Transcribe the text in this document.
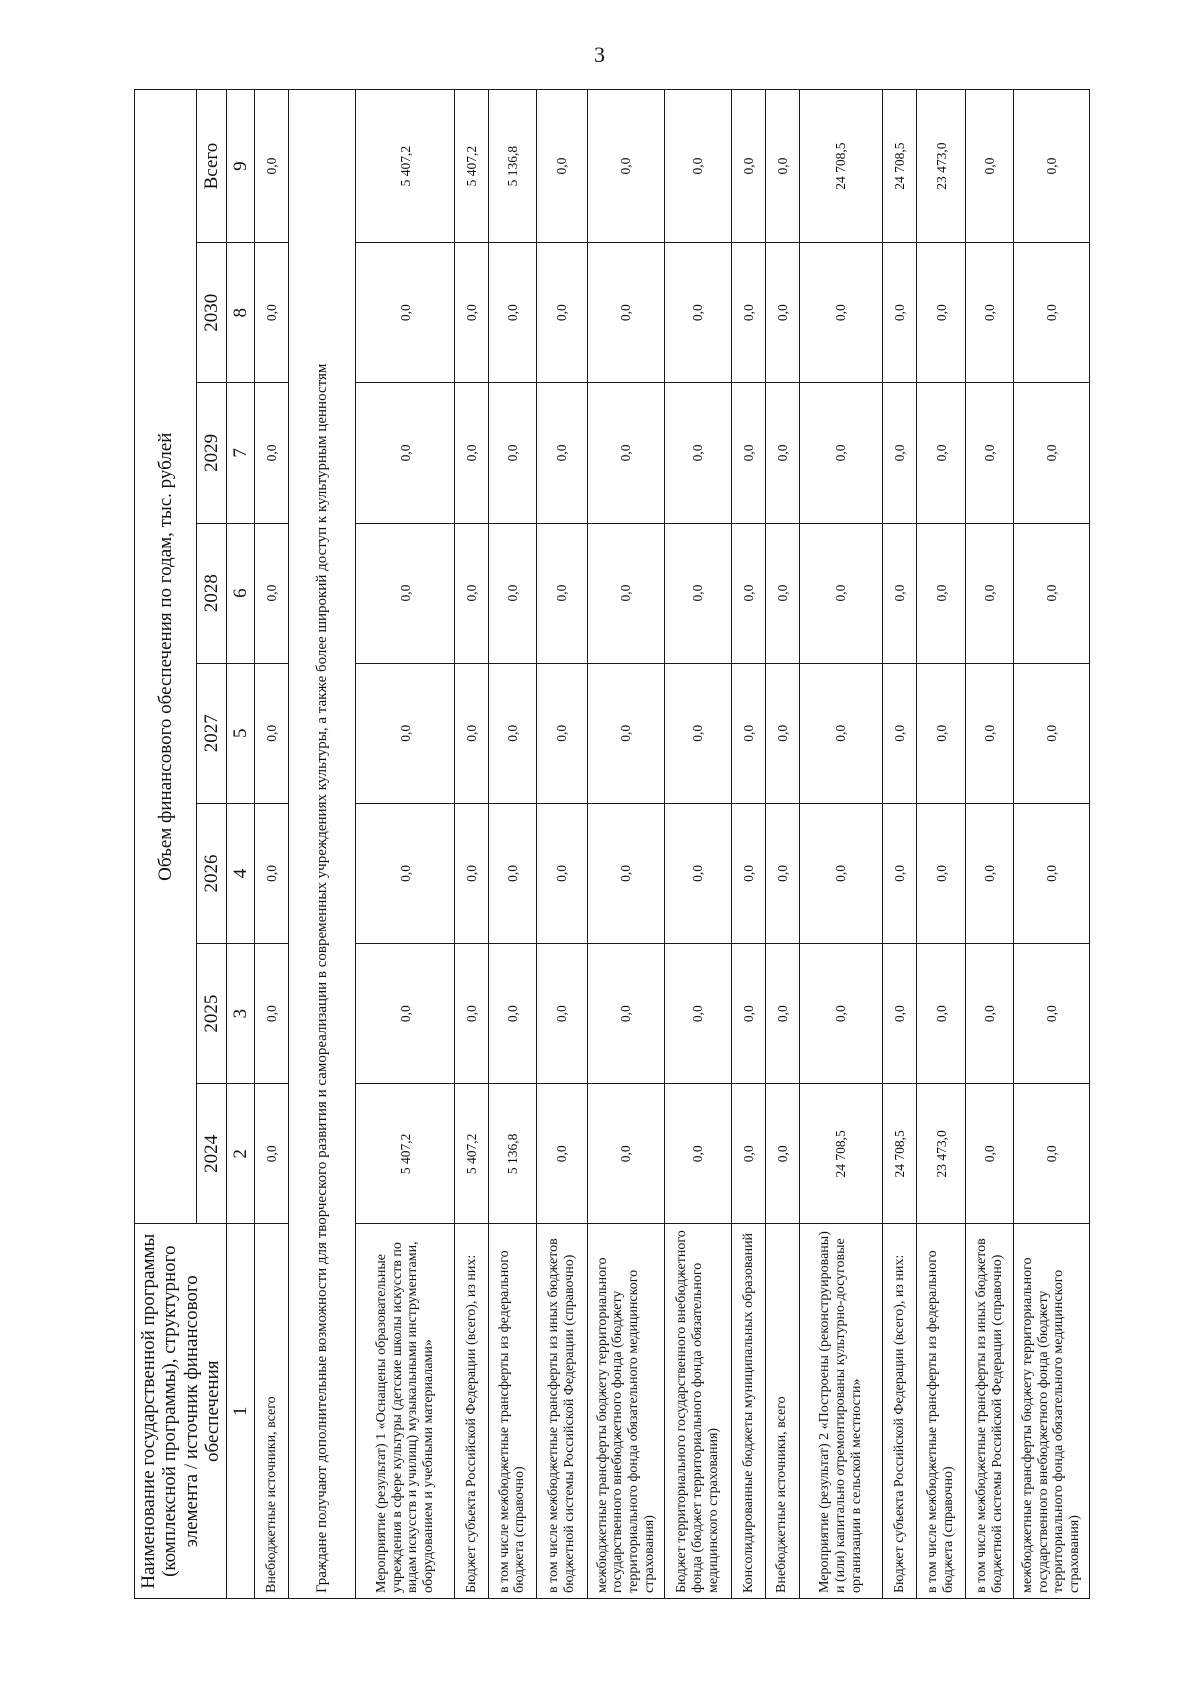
3
Наименование государственной программы (комплексной программы), структурного элемента / источник финансового обеспечения	Объем финансового обеспечения по годам, тыс. рублей							
	2024	2025	2026	2027	2028	2029	2030	Всего
1	2	3	4	5	6	7	8	9
Внебюджетные источники, всего	0,0	0,0	0,0	0,0	0,0	0,0	0,0	0,0
Граждане получают дополнительные возможности для творческого развития и самореализации в современных учреждениях культуры, а также более широкий доступ к культурным ценностям								
Мероприятие (результат) 1 «Оснащены образовательные учреждения в сфере культуры (детские школы искусств по видам искусств и училищ) музыкальными инструментами, оборудованием и учебными материалами»	5 407,2	0,0	0,0	0,0	0,0	0,0	0,0	5 407,2
Бюджет субъекта Российской Федерации (всего), из них:	5 407,2	0,0	0,0	0,0	0,0	0,0	0,0	5 407,2
в том числе межбюджетные трансферты из федерального бюджета (справочно)	5 136,8	0,0	0,0	0,0	0,0	0,0	0,0	5 136,8
в том числе межбюджетные трансферты из иных бюджетов бюджетной системы Российской Федерации (справочно)	0,0	0,0	0,0	0,0	0,0	0,0	0,0	0,0
межбюджетные трансферты бюджету территориального государственного внебюджетного фонда (бюджету территориального фонда обязательного медицинского страхования)	0,0	0,0	0,0	0,0	0,0	0,0	0,0	0,0
Бюджет территориального государственного внебюджетного фонда (бюджет территориального фонда обязательного медицинского страхования)	0,0	0,0	0,0	0,0	0,0	0,0	0,0	0,0
Консолидированные бюджеты муниципальных образований	0,0	0,0	0,0	0,0	0,0	0,0	0,0	0,0
Внебюджетные источники, всего	0,0	0,0	0,0	0,0	0,0	0,0	0,0	0,0
Мероприятие (результат) 2 «Построены (реконструированы) и (или) капитально отремонтированы культурно-досуговые организации в сельской местности»	24 708,5	0,0	0,0	0,0	0,0	0,0	0,0	24 708,5
Бюджет субъекта Российской Федерации (всего), из них:	24 708,5	0,0	0,0	0,0	0,0	0,0	0,0	24 708,5
в том числе межбюджетные трансферты из федерального бюджета (справочно)	23 473,0	0,0	0,0	0,0	0,0	0,0	0,0	23 473,0
в том числе межбюджетные трансферты из иных бюджетов бюджетной системы Российской Федерации (справочно)	0,0	0,0	0,0	0,0	0,0	0,0	0,0	0,0
межбюджетные трансферты бюджету территориального государственного внебюджетного фонда (бюджету территориального фонда обязательного медицинского страхования)	0,0	0,0	0,0	0,0	0,0	0,0	0,0	0,0
